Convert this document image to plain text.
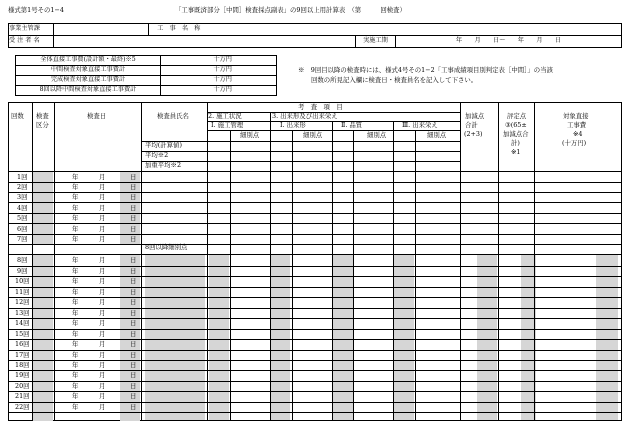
様式第1号その1−4	「工事既済部分［中間］検査採点副表」の9回以上用計算表　（第　　　回検査）
事業主管課		工　事　名　称	
受 注 者 名		実施工期	年　　月　　日〜　　年　　月　　日
全体直接工事費(設計額・最終)※5	十万円
中間検査対象直接工事費計	十万円
完成検査対象直接工事費計	十万円
8回以降中間検査対象直接工事費計	十万円
※　9回目以降の検査時には、様式4号その1−2「工事成績項目別判定表［中間］」の当該
回数の所見記入欄に検査日・検査員名を記入して下さい。
回数 検査
区分
検査日	検査員氏名
考　査　項　目
2. 施工状況	3. 出来形及び出来栄え
Ⅰ. 施工管理	Ⅰ. 出来形	Ⅱ. 品質	Ⅲ. 出来栄え
細別点	細別点	細別点	細別点
加減点
合計
(2+3)
評定点
③(65±
加減点合
計)
※1
対象直接
工事費
※4
(十万円)
平均(計算値)
平均※2
加重平均※2
8回以降細別点
1回	年	月	日
2回	年	月	日
3回	年	月	日
4回	年	月	日
5回	年	月	日
6回	年	月	日
7回	年	月	日
8回	年	月	日
9回	年	月	日
10回	年	月	日
11回	年	月	日
12回	年	月	日
13回	年	月	日
14回	年	月	日
15回	年	月	日
16回	年	月	日
17回	年	月	日
18回	年	月	日
19回	年	月	日
20回	年	月	日
21回	年	月	日
22回	年	月	日
